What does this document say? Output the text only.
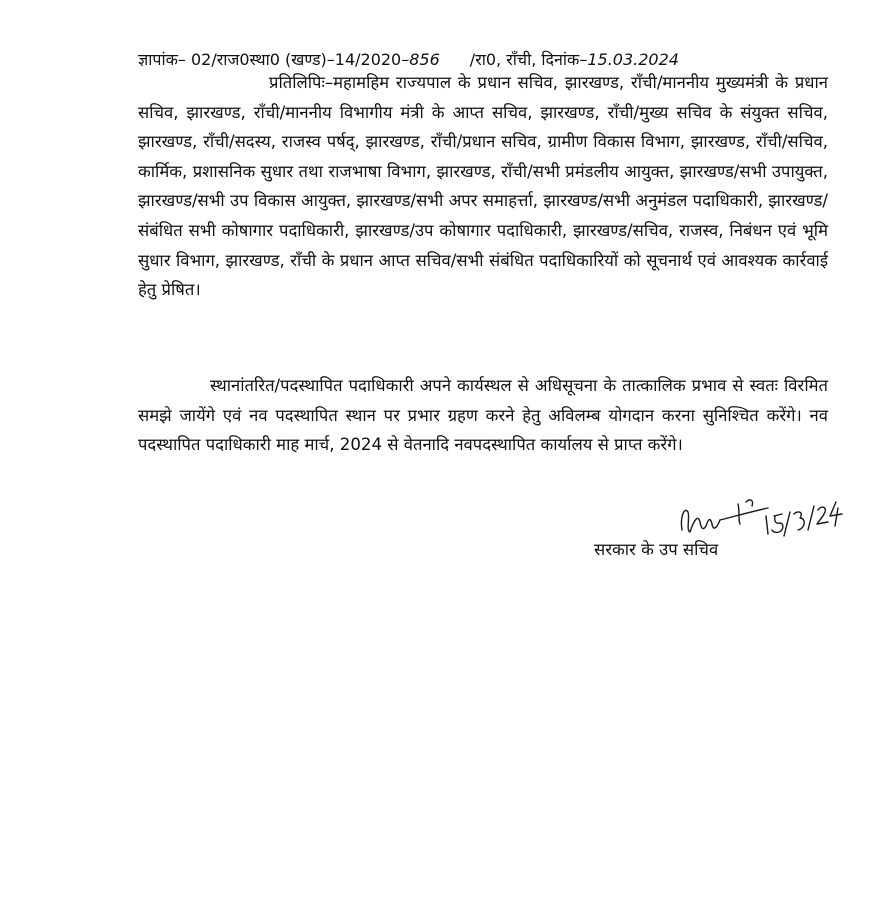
ज्ञापांक– 02/राज0स्था0 (खण्ड)–14/2020–856 /रा0, राँची, दिनांक–15.03.2024

प्रतिलिपिः–महामहिम राज्यपाल के प्रधान सचिव, झारखण्ड, राँची/माननीय मुख्यमंत्री के प्रधान सचिव, झारखण्ड, राँची/माननीय विभागीय मंत्री के आप्त सचिव, झारखण्ड, राँची/मुख्य सचिव के संयुक्त सचिव, झारखण्ड, राँची/सदस्य, राजस्व पर्षद्, झारखण्ड, राँची/प्रधान सचिव, ग्रामीण विकास विभाग, झारखण्ड, राँची/सचिव, कार्मिक, प्रशासनिक सुधार तथा राजभाषा विभाग, झारखण्ड, राँची/सभी प्रमंडलीय आयुक्त, झारखण्ड/सभी उपायुक्त, झारखण्ड/सभी उप विकास आयुक्त, झारखण्ड/सभी अपर समाहर्त्ता, झारखण्ड/सभी अनुमंडल पदाधिकारी, झारखण्ड/संबंधित सभी कोषागार पदाधिकारी, झारखण्ड/उप कोषागार पदाधिकारी, झारखण्ड/सचिव, राजस्व, निबंधन एवं भूमि सुधार विभाग, झारखण्ड, राँची के प्रधान आप्त सचिव/सभी संबंधित पदाधिकारियों को सूचनार्थ एवं आवश्यक कार्रवाई हेतु प्रेषित।

स्थानांतरित/पदस्थापित पदाधिकारी अपने कार्यस्थल से अधिसूचना के तात्कालिक प्रभाव से स्वतः विरमित समझे जायेंगे एवं नव पदस्थापित स्थान पर प्रभार ग्रहण करने हेतु अविलम्ब योगदान करना सुनिश्चित करेंगे। नव पदस्थापित पदाधिकारी माह मार्च, 2024 से वेतनादि नवपदस्थापित कार्यालय से प्राप्त करेंगे।

सरकार के उप सचिव
